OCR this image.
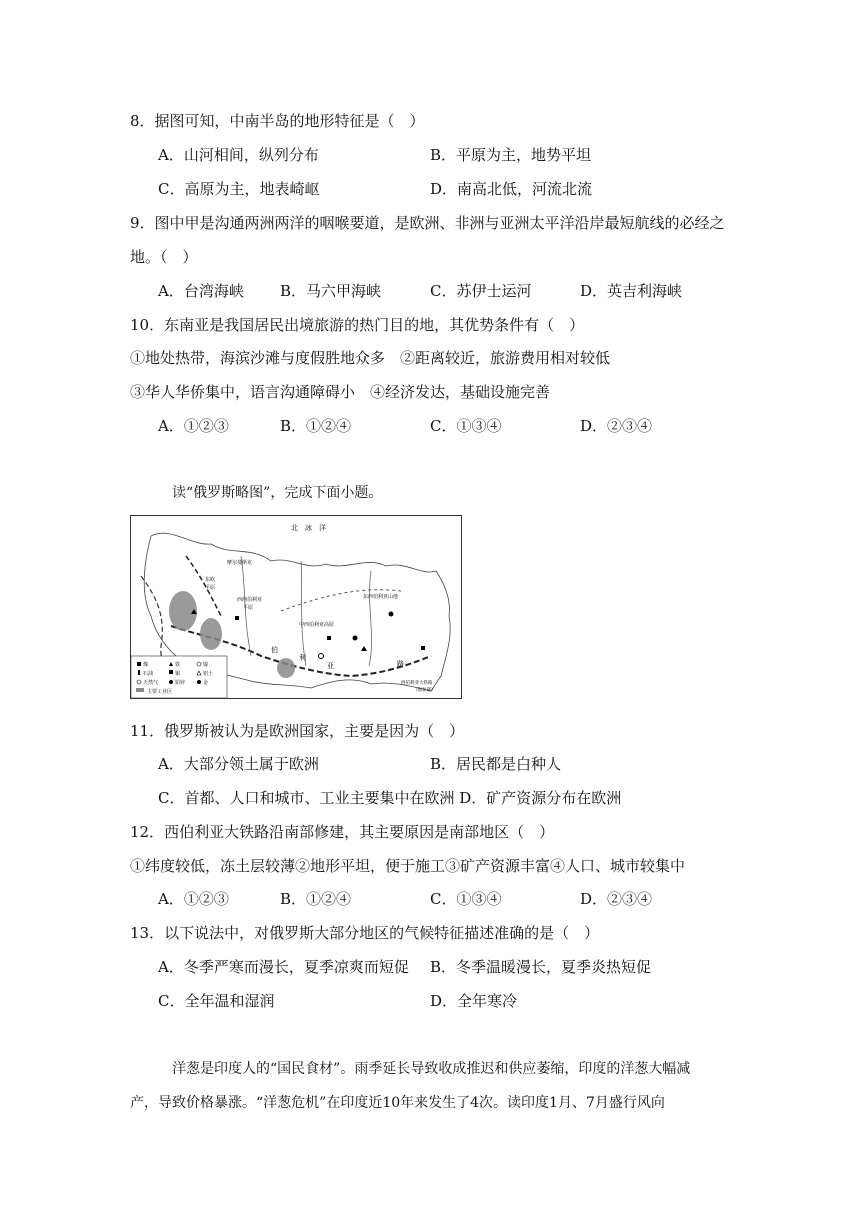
8．据图可知，中南半岛的地形特征是（　）
A．山河相间，纵列分布	B．平原为主，地势平坦
C．高原为主，地表崎岖	D．南高北低，河流北流
9．图中甲是沟通两洲两洋的咽喉要道，是欧洲、非洲与亚洲太平洋沿岸最短航线的必经之
地。（　）
A．台湾海峡 B．马六甲海峡	C．苏伊士运河	D．英吉利海峡
10．东南亚是我国居民出境旅游的热门目的地，其优势条件有（　）
①地处热带，海滨沙滩与度假胜地众多　②距离较近，旅游费用相对较低
③华人华侨集中，语言沟通障碍小　④经济发达，基础设施完善
A．①②③	B．①②④	C．①③④	D．②③④
读“俄罗斯略图”，完成下面小题。
北　冰　洋
摩尔曼斯克
东欧
平原
西西伯利亚
平原
中西伯利亚高原
东西伯利亚山地
伯
利
亚	路
西伯利亚大铁路
（海参崴）
煤	铁	镍
石油	铜	铝土
天然气	铅锌	金
主要工业区
11．俄罗斯被认为是欧洲国家，主要是因为（　）
A．大部分领土属于欧洲	B．居民都是白种人
C．首都、人口和城市、工业主要集中在欧洲 D．矿产资源分布在欧洲
12．西伯利亚大铁路沿南部修建，其主要原因是南部地区（　）
①纬度较低，冻土层较薄②地形平坦，便于施工③矿产资源丰富④人口、城市较集中
A．①②③	B．①②④	C．①③④	D．②③④
13．以下说法中，对俄罗斯大部分地区的气候特征描述准确的是（　）
A．冬季严寒而漫长，夏季凉爽而短促 B．冬季温暖漫长，夏季炎热短促
C．全年温和湿润	D．全年寒冷
洋葱是印度人的“国民食材”。雨季延长导致收成推迟和供应萎缩，印度的洋葱大幅减
产，导致价格暴涨。“洋葱危机”在印度近10年来发生了4次。读印度1月、7月盛行风向
